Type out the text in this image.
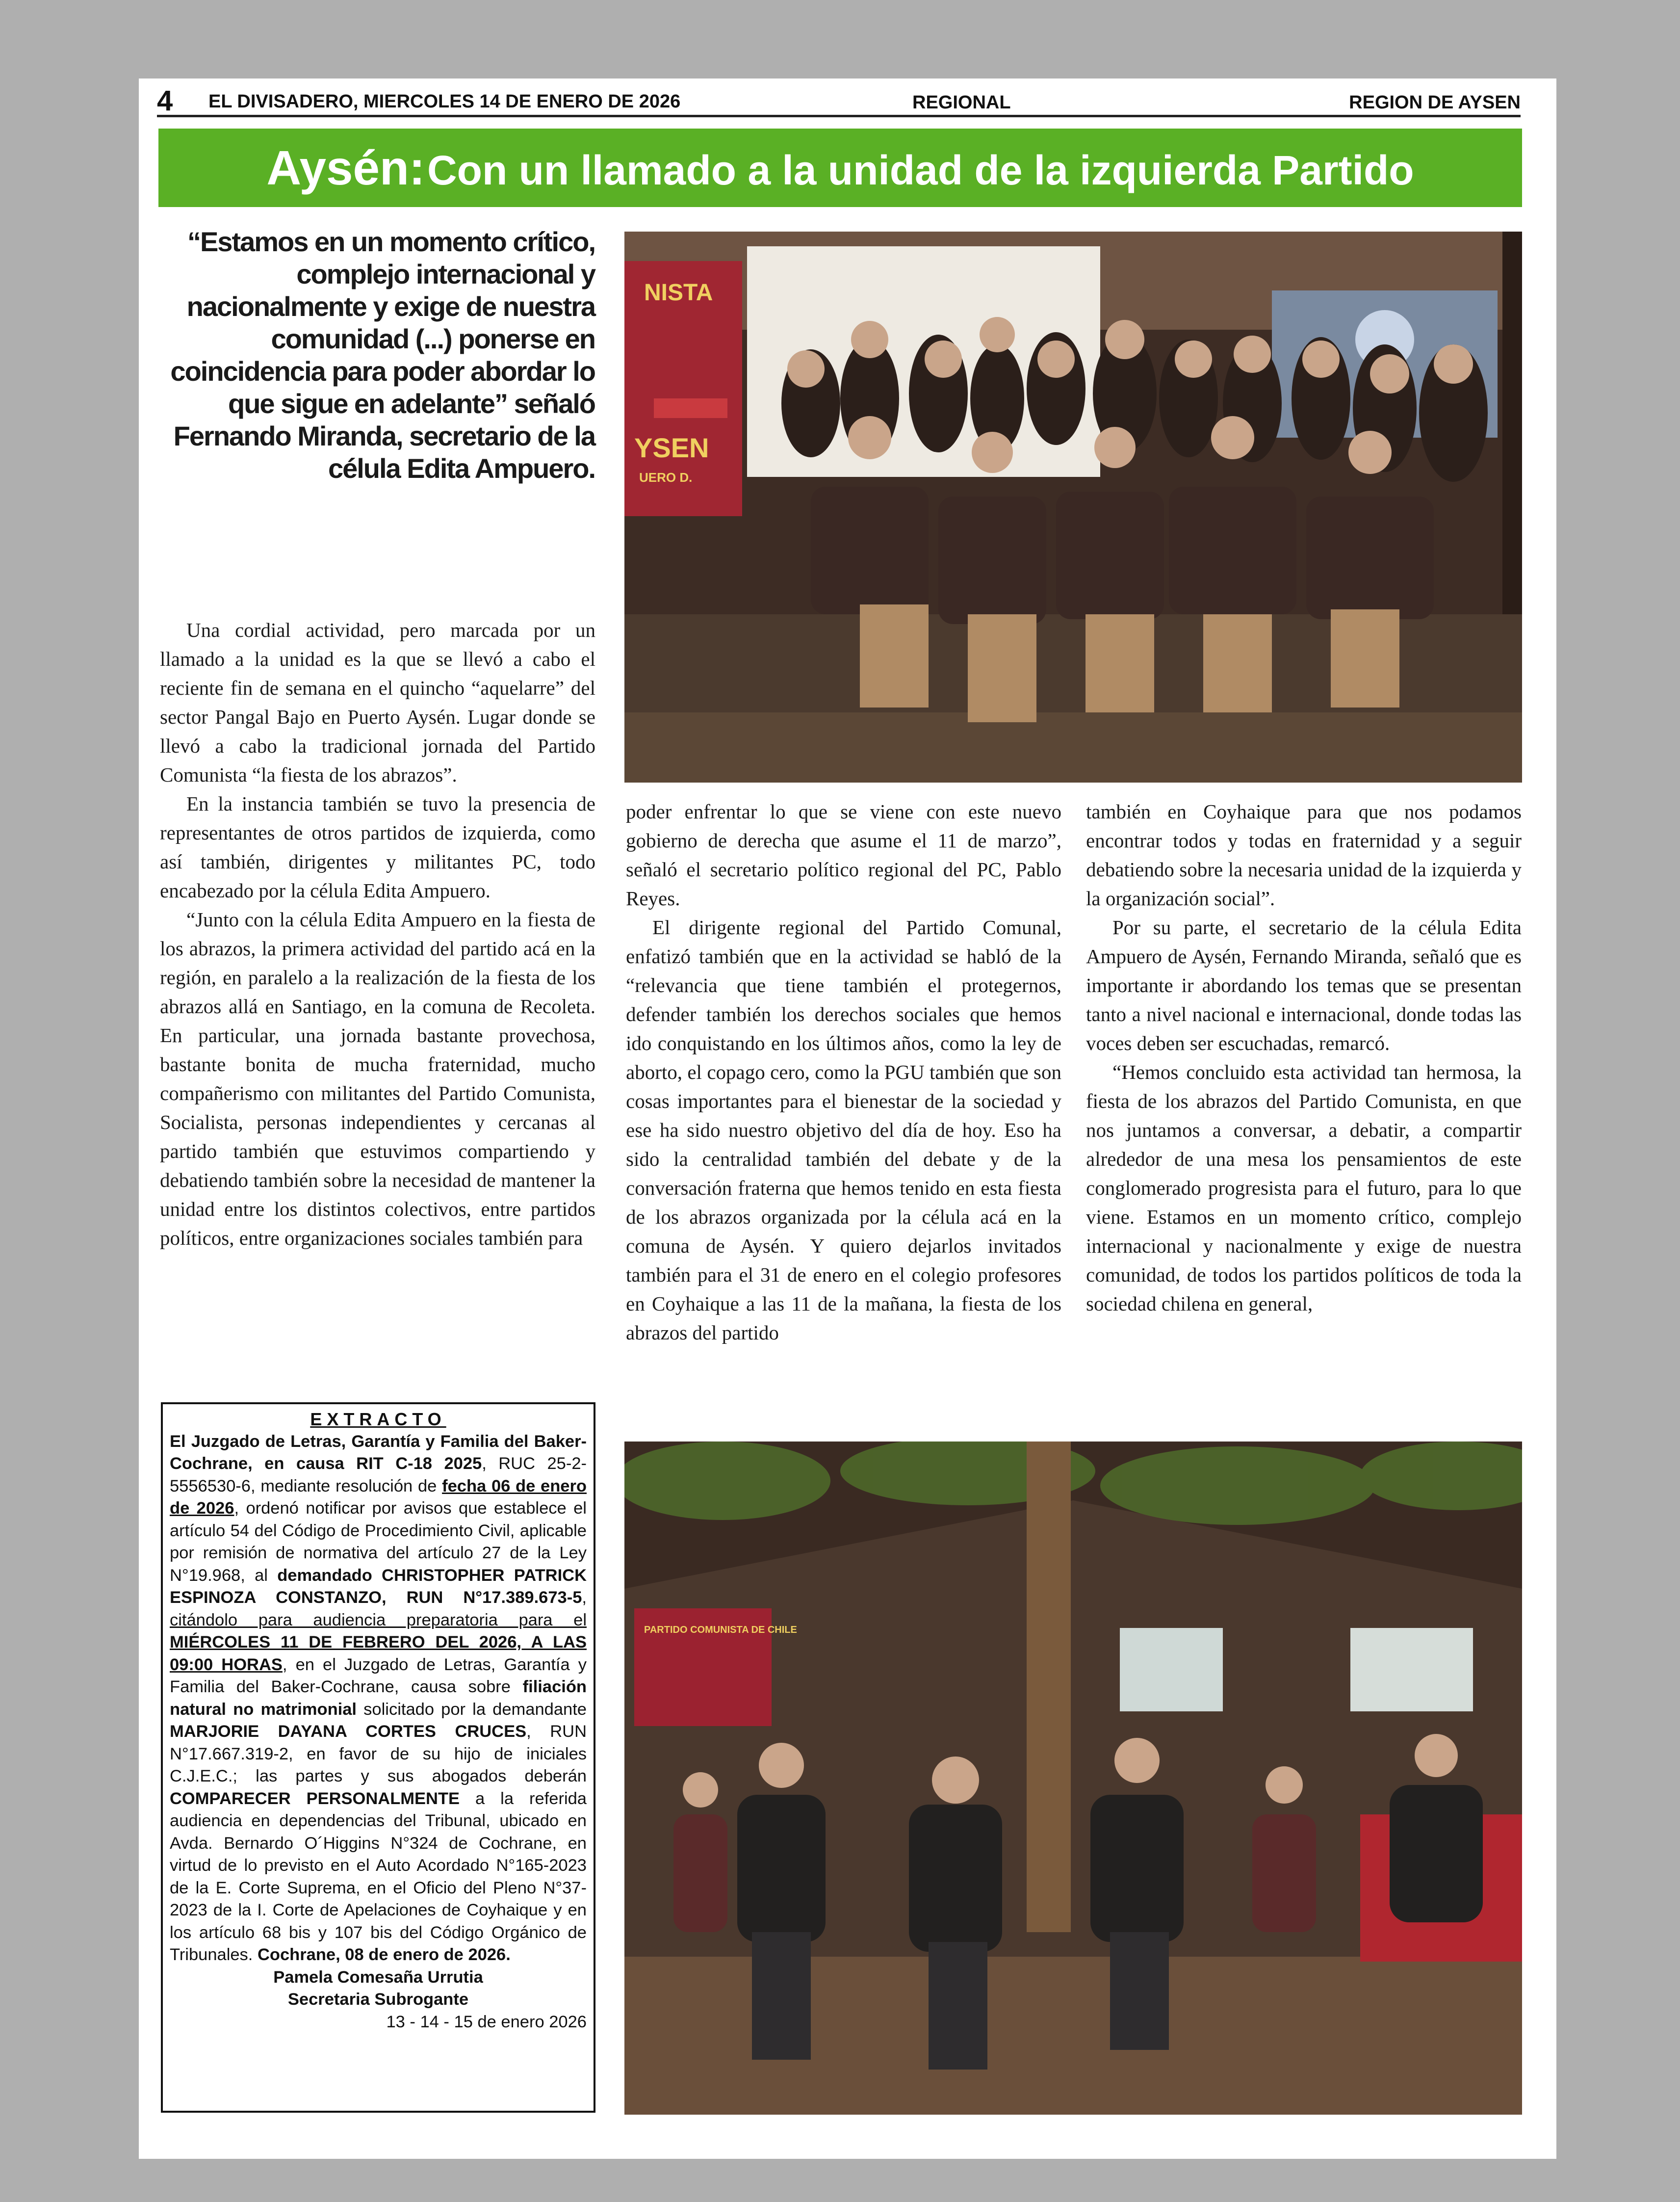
4 EL DIVISADERO, MIERCOLES 14 DE ENERO DE 2026	REGIONAL	REGION DE AYSEN
Aysén: Con un llamado a la unidad de la izquierda Partido
“Estamos en un momento crítico, complejo internacional y nacionalmente y exige de nuestra comunidad (...) ponerse en coincidencia para poder abordar lo que sigue en adelante” señaló Fernando Miranda, secretario de la célula Edita Ampuero.
NISTA
YSEN
UERO D.

Una cordial actividad, pero marcada por un llamado a la unidad es la que se llevó a cabo el reciente fin de semana en el quincho “aquelarre” del sector Pangal Bajo en Puerto Aysén. Lugar donde se llevó a cabo la tradicional jornada del Partido Comunista “la fiesta de los abrazos”.

En la instancia también se tuvo la presencia de representantes de otros partidos de izquierda, como así también, dirigentes y militantes PC, todo encabezado por la célula Edita Ampuero.

“Junto con la célula Edita Ampuero en la fiesta de los abrazos, la primera actividad del partido acá en la región, en paralelo a la realización de la fiesta de los abrazos allá en Santiago, en la comuna de Recoleta. En particular, una jornada bastante provechosa, bastante bonita de mucha fraternidad, mucho compañerismo con militantes del Partido Comunista, Socialista, personas independientes y cercanas al partido también que estuvimos compartiendo y debatiendo también sobre la necesidad de mantener la unidad entre los distintos colectivos, entre partidos políticos, entre organizaciones sociales también para

poder enfrentar lo que se viene con este nuevo gobierno de derecha que asume el 11 de marzo”, señaló el secretario político regional del PC, Pablo Reyes.

El dirigente regional del Partido Comunal, enfatizó también que en la actividad se habló de la “relevancia que tiene también el protegernos, defender también los derechos sociales que hemos ido conquistando en los últimos años, como la ley de aborto, el copago cero, como la PGU también que son cosas importantes para el bienestar de la sociedad y ese ha sido nuestro objetivo del día de hoy. Eso ha sido la centralidad también del debate y de la conversación fraterna que hemos tenido en esta fiesta de los abrazos organizada por la célula acá en la comuna de Aysén. Y quiero dejarlos invitados también para el 31 de enero en el colegio profesores en Coyhaique a las 11 de la mañana, la fiesta de los abrazos del partido

también en Coyhaique para que nos podamos encontrar todos y todas en fraternidad y a seguir debatiendo sobre la necesaria unidad de la izquierda y la organización social”.

Por su parte, el secretario de la célula Edita Ampuero de Aysén, Fernando Miranda, señaló que es importante ir abordando los temas que se presentan tanto a nivel nacional e internacional, donde todas las voces deben ser escuchadas, remarcó.

“Hemos concluido esta actividad tan hermosa, la fiesta de los abrazos del Partido Comunista, en que nos juntamos a conversar, a debatir, a compartir alrededor de una mesa los pensamientos de este conglomerado progresista para el futuro, para lo que viene. Estamos en un momento crítico, complejo internacional y nacionalmente y exige de nuestra comunidad, de todos los partidos políticos de toda la sociedad chilena en general,

EXTRACTO
El Juzgado de Letras, Garantía y Familia del Baker-Cochrane, en causa RIT C-18 2025, RUC 25-2-5556530-6, mediante resolución de fecha 06 de enero de 2026, ordenó notificar por avisos que establece el artículo 54 del Código de Procedimiento Civil, aplicable por remisión de normativa del artículo 27 de la Ley N°19.968, al demandado CHRISTOPHER PATRICK ESPINOZA CONSTANZO, RUN N°17.389.673-5, citándolo para audiencia preparatoria para el MIÉRCOLES 11 DE FEBRERO DEL 2026, A LAS 09:00 HORAS, en el Juzgado de Letras, Garantía y Familia del Baker-Cochrane, causa sobre filiación natural no matrimonial solicitado por la demandante MARJORIE DAYANA CORTES CRUCES, RUN N°17.667.319-2, en favor de su hijo de iniciales C.J.E.C.; las partes y sus abogados deberán COMPARECER PERSONALMENTE a la referida audiencia en dependencias del Tribunal, ubicado en Avda. Bernardo O´Higgins N°324 de Cochrane, en virtud de lo previsto en el Auto Acordado N°165-2023 de la E. Corte Suprema, en el Oficio del Pleno N°37-2023 de la I. Corte de Apelaciones de Coyhaique y en los artículo 68 bis y 107 bis del Código Orgánico de Tribunales. Cochrane, 08 de enero de 2026.
Pamela Comesaña Urrutia
Secretaria Subrogante
13 - 14 - 15 de enero 2026
PARTIDO COMUNISTA DE CHILE
